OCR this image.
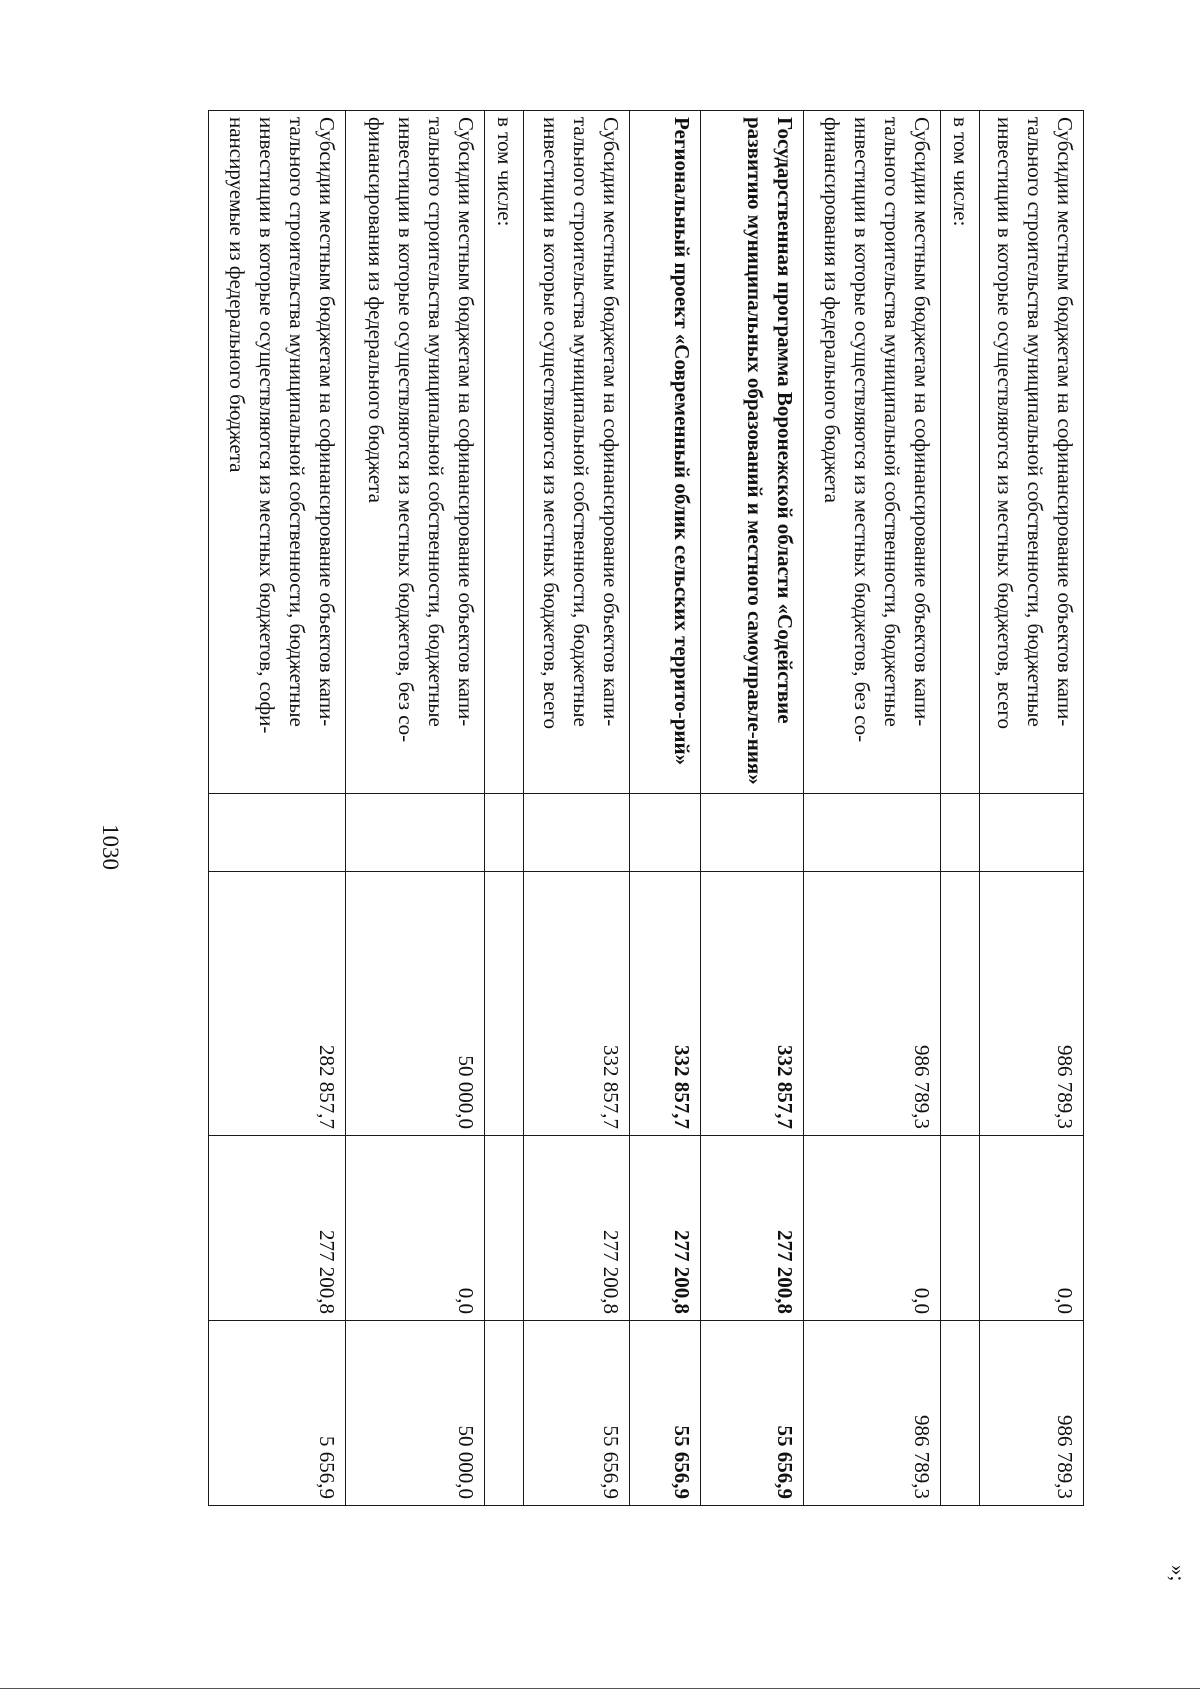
1030
Субсидии местным бюджетам на софинансирование объектов капи-тального строительства муниципальной собственности, бюджетные инвестиции в которые осуществляются из местных бюджетов, всего		986 789,3	0,0	986 789,3
в том числе:				
Субсидии местным бюджетам на софинансирование объектов капи-тального строительства муниципальной собственности, бюджетные инвестиции в которые осуществляются из местных бюджетов, без со-финансирования из федерального бюджета		986 789,3	0,0	986 789,3
Государственная программа Воронежской области «Содействие развитию муниципальных образований и местного самоуправле-ния»		332 857,7	277 200,8	55 656,9
Региональный проект «Современный облик сельских террито-рий»		332 857,7	277 200,8	55 656,9
Субсидии местным бюджетам на софинансирование объектов капи-тального строительства муниципальной собственности, бюджетные инвестиции в которые осуществляются из местных бюджетов, всего		332 857,7	277 200,8	55 656,9
в том числе:				
Субсидии местным бюджетам на софинансирование объектов капи-тального строительства муниципальной собственности, бюджетные инвестиции в которые осуществляются из местных бюджетов, без со-финансирования из федерального бюджета		50 000,0	0,0	50 000,0
Субсидии местным бюджетам на софинансирование объектов капи-тального строительства муниципальной собственности, бюджетные инвестиции в которые осуществляются из местных бюджетов, софи-нансируемые из федерального бюджета		282 857,7	277 200,8	5 656,9
»;
